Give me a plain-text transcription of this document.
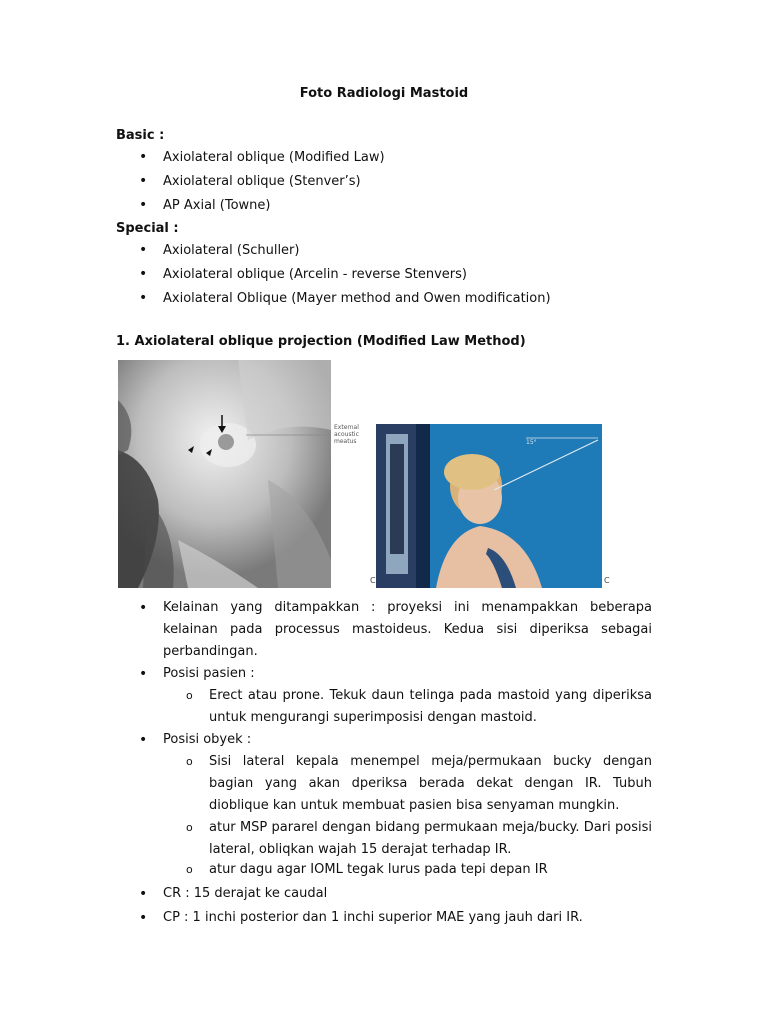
Foto Radiologi Mastoid
Basic :
• Axiolateral oblique (Modified Law)
• Axiolateral oblique (Stenver’s)
• AP Axial (Towne)
Special :
• Axiolateral (Schuller)
• Axiolateral oblique (Arcelin - reverse Stenvers)
• Axiolateral Oblique (Mayer method and Owen modification)
1. Axiolateral oblique projection (Modified Law Method)
External
acoustic
meatus
C
15°
C
• Kelainan yang ditampakkan : proyeksi ini menampakkan beberapa kelainan pada processus mastoideus. Kedua sisi diperiksa sebagai perbandingan.
• Posisi pasien :
o Erect atau prone. Tekuk daun telinga pada mastoid yang diperiksa untuk mengurangi superimposisi dengan mastoid.
• Posisi obyek :
o Sisi lateral kepala menempel meja/permukaan bucky dengan bagian yang akan dperiksa berada dekat dengan IR. Tubuh dioblique kan untuk membuat pasien bisa senyaman mungkin.
o atur MSP pararel dengan bidang permukaan meja/bucky. Dari posisi lateral, obliqkan wajah 15 derajat terhadap IR.
o atur dagu agar IOML tegak lurus pada tepi depan IR
• CR : 15 derajat ke caudal
• CP : 1 inchi posterior dan 1 inchi superior MAE yang jauh dari IR.
